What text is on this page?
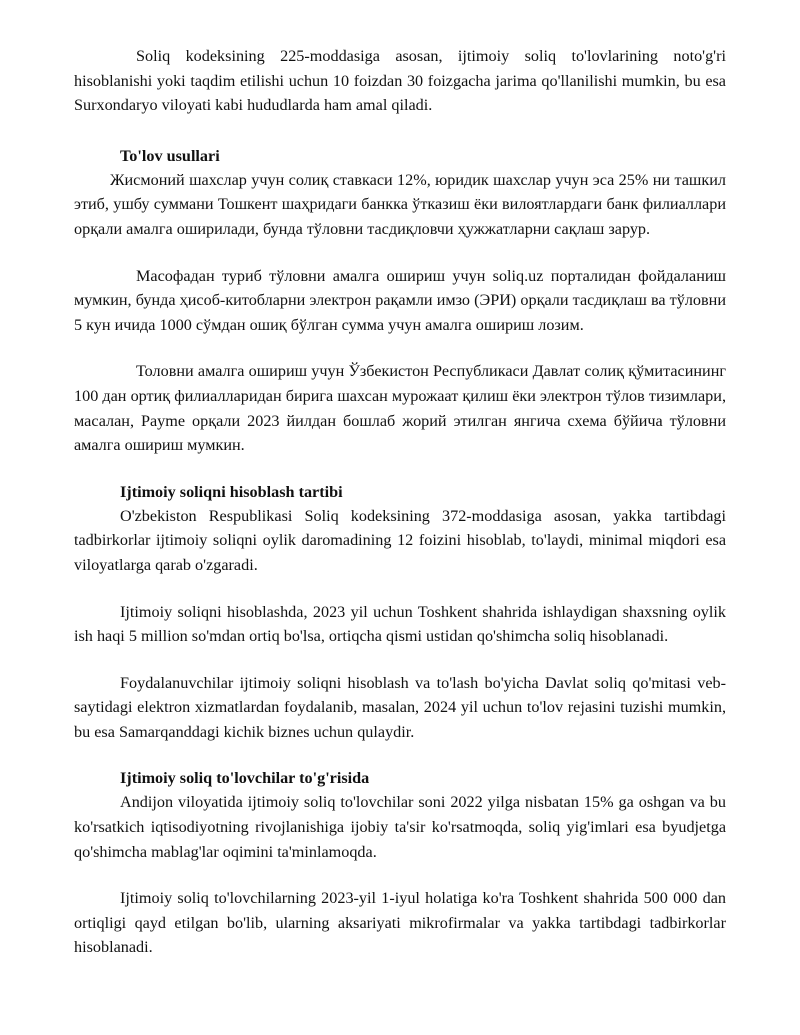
Soliq kodeksining 225-moddasiga asosan, ijtimoiy soliq to'lovlarining noto'g'ri hisoblanishi yoki taqdim etilishi uchun 10 foizdan 30 foizgacha jarima qo'llanilishi mumkin, bu esa Surxondaryo viloyati kabi hududlarda ham amal qiladi.

To'lov usullari

Жисмоний шахслар учун солиқ ставкаси 12%, юридик шахслар учун эса 25% ни ташкил этиб, ушбу суммани Тошкент шаҳридаги банкка ўтказиш ёки вилоятлардаги банк филиаллари орқали амалга оширилади, бунда тўловни тасдиқловчи ҳужжатларни сақлаш зарур.

Масофадан туриб тўловни амалга ошириш учун soliq.uz порталидан фойдаланиш мумкин, бунда ҳисоб-китобларни электрон рақамли имзо (ЭРИ) орқали тасдиқлаш ва тўловни 5 кун ичида 1000 сўмдан ошиқ бўлган сумма учун амалга ошириш лозим.

Толовни амалга ошириш учун Ўзбекистон Республикаси Давлат солиқ қўмитасининг 100 дан ортиқ филиалларидан бирига шахсан мурожаат қилиш ёки электрон тўлов тизимлари, масалан, Payme орқали 2023 йилдан бошлаб жорий этилган янгича схема бўйича тўловни амалга ошириш мумкин.

Ijtimoiy soliqni hisoblash tartibi

O'zbekiston Respublikasi Soliq kodeksining 372-moddasiga asosan, yakka tartibdagi tadbirkorlar ijtimoiy soliqni oylik daromadining 12 foizini hisoblab, to'laydi, minimal miqdori esa viloyatlarga qarab o'zgaradi.

Ijtimoiy soliqni hisoblashda, 2023 yil uchun Toshkent shahrida ishlaydigan shaxsning oylik ish haqi 5 million so'mdan ortiq bo'lsa, ortiqcha qismi ustidan qo'shimcha soliq hisoblanadi.

Foydalanuvchilar ijtimoiy soliqni hisoblash va to'lash bo'yicha Davlat soliq qo'mitasi veb-saytidagi elektron xizmatlardan foydalanib, masalan, 2024 yil uchun to'lov rejasini tuzishi mumkin, bu esa Samarqanddagi kichik biznes uchun qulaydir.

Ijtimoiy soliq to'lovchilar to'g'risida

Andijon viloyatida ijtimoiy soliq to'lovchilar soni 2022 yilga nisbatan 15% ga oshgan va bu ko'rsatkich iqtisodiyotning rivojlanishiga ijobiy ta'sir ko'rsatmoqda, soliq yig'imlari esa byudjetga qo'shimcha mablag'lar oqimini ta'minlamoqda.

Ijtimoiy soliq to'lovchilarning 2023-yil 1-iyul holatiga ko'ra Toshkent shahrida 500 000 dan ortiqligi qayd etilgan bo'lib, ularning aksariyati mikrofirmalar va yakka tartibdagi tadbirkorlar hisoblanadi.
